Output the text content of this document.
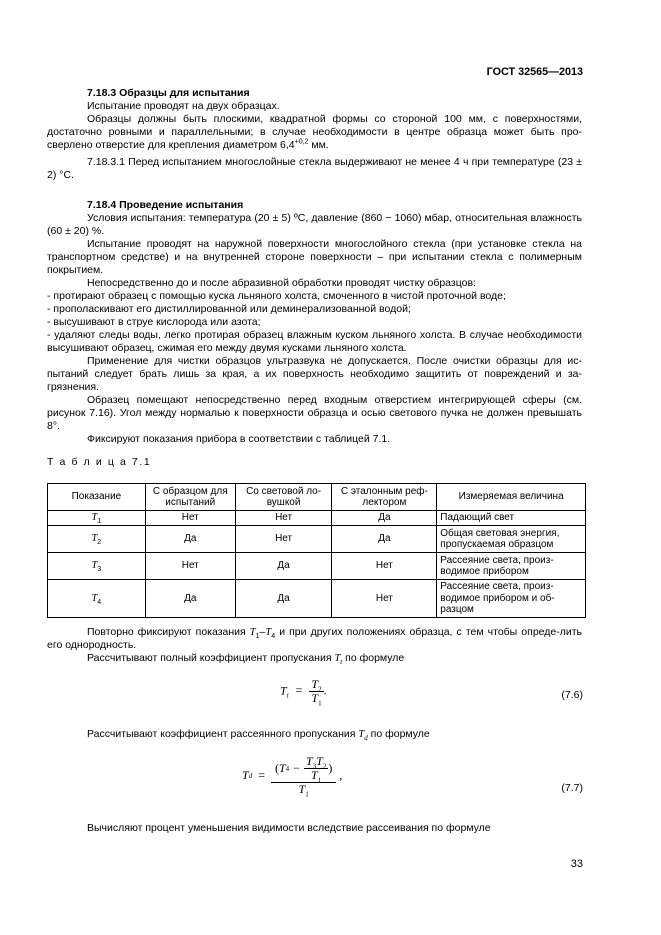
ГОСТ 32565—2013

7.18.3 Образцы для испытания

Испытание проводят на двух образцах.

Образцы должны быть плоскими, квадратной формы со стороной 100 мм, с поверхностями, достаточно ровными и параллельными; в случае необходимости в центре образца может быть про-сверлено отверстие для крепления диаметром $6,4^{+0,2}$ мм.

7.18.3.1 Перед испытанием многослойные стекла выдерживают не менее 4 ч при температуре (23 ± 2) °С.

7.18.4 Проведение испытания

Условия испытания: температура (20 ± 5) ºС, давление (860 − 1060) мбар, относительная влажность (60 ± 20) %.

Испытание проводят на наружной поверхности многослойного стекла (при установке стекла на транспортном средстве) и на внутренней стороне поверхности – при испытании стекла с полимерным покрытием.

Непосредственно до и после абразивной обработки проводят чистку образцов:

- протирают образец с помощью куска льняного холста, смоченного в чистой проточной воде;

- прополаскивают его дистиллированной или деминерализованной водой;

- высушивают в струе кислорода или азота;

- удаляют следы воды, легко протирая образец влажным куском льняного холста. В случае необходимости высушивают образец, сжимая его между двумя кусками льняного холста.

Применение для чистки образцов ультразвука не допускается. После очистки образцы для ис-пытаний следует брать лишь за края, а их поверхность необходимо защитить от повреждений и за-грязнения.

Образец помещают непосредственно перед входным отверстием интегрирующей сферы (см. рисунок 7.16). Угол между нормалью к поверхности образца и осью светового пучка не должен превышать 8°.

Фиксируют показания прибора в соответствии с таблицей 7.1.

Т а б л и ц а 7.1
Показание	С образцом для испытаний	Со световой ло-вушкой	С эталонным реф-лектором	Измеряемая величина
$T_1$	Нет	Нет	Да	Падающий свет
$T_2$	Да	Нет	Да	Общая световая энергия, пропускаемая образцом
$T_3$	Нет	Да	Нет	Рассеяние света, произ-водимое прибором
$T_4$	Да	Да	Нет	Рассеяние света, произ-водимое прибором и об-разцом

Повторно фиксируют показания $T_1-T_4$ и при других положениях образца, с тем чтобы опреде-лить его однородность.

Рассчитывают полный коэффициент пропускания $T_t$ по формуле

$T_t = \frac{T_2}{T_1}$ .	(7.6)

Рассчитывают коэффициент рассеянного пропускания $T_d$ по формуле

T d = ( T $4 - \frac{T_3T_2}{T_1}$ )
$T_1$
,
(7.7)

Вычисляют процент уменьшения видимости вследствие рассеивания по формуле

33
